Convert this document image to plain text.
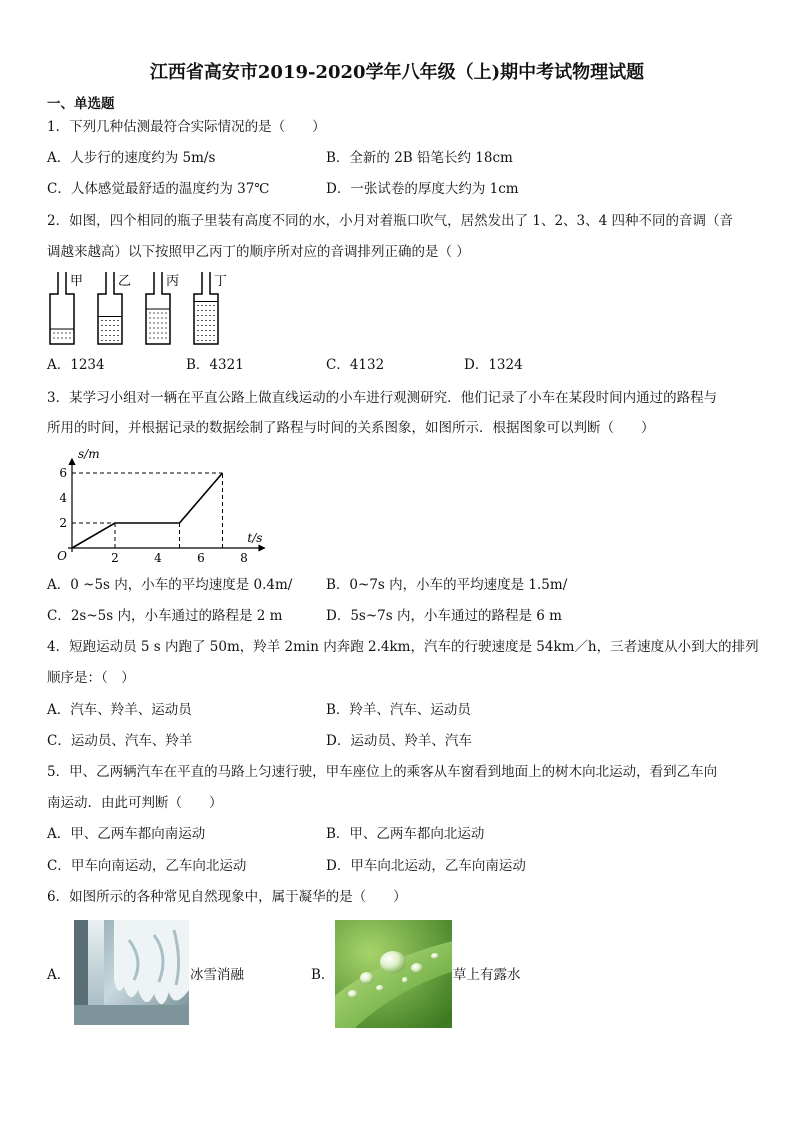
江西省高安市2019-2020学年八年级（上)期中考试物理试题
一、单选题
1．下列几种估测最符合实际情况的是（　　）
A．人步行的速度约为 5m/s	B．全新的 2B 铅笔长约 18cm
C．人体感觉最舒适的温度约为 37℃	D．一张试卷的厚度大约为 1cm
2．如图，四个相同的瓶子里装有高度不同的水，小月对着瓶口吹气，居然发出了 1、2、3、4 四种不同的音调（音
调越来越高）以下按照甲乙丙丁的顺序所对应的音调排列正确的是（ ）
甲	乙	丙	丁
A．1234	B．4321	C．4132	D．1324
3．某学习小组对一辆在平直公路上做直线运动的小车进行观测研究．他们记录了小车在某段时间内通过的路程与
所用的时间，并根据记录的数据绘制了路程与时间的关系图象，如图所示．根据图象可以判断（　　）
2	4	6	8
2
4
6
O
t/s
s/m
A．0 ~5s 内，小车的平均速度是 0.4m/ B．0~7s 内，小车的平均速度是 1.5m/
C．2s~5s 内，小车通过的路程是 2 m	D．5s~7s 内，小车通过的路程是 6 m
4．短跑运动员 5 s 内跑了 50m，羚羊 2min 内奔跑 2.4km，汽车的行驶速度是 54km／h，三者速度从小到大的排列
顺序是：（　）
A．汽车、羚羊、运动员	B．羚羊、汽车、运动员
C．运动员、汽车、羚羊	D．运动员、羚羊、汽车
5．甲、乙两辆汽车在平直的马路上匀速行驶，甲车座位上的乘客从车窗看到地面上的树木向北运动，看到乙车向
南运动．由此可判断（　　）
A．甲、乙两车都向南运动	B．甲、乙两车都向北运动
C．甲车向南运动，乙车向北运动	D．甲车向北运动，乙车向南运动
6．如图所示的各种常见自然现象中，属于凝华的是（　　）
A．	冰雪消融	B．	草上有露水
